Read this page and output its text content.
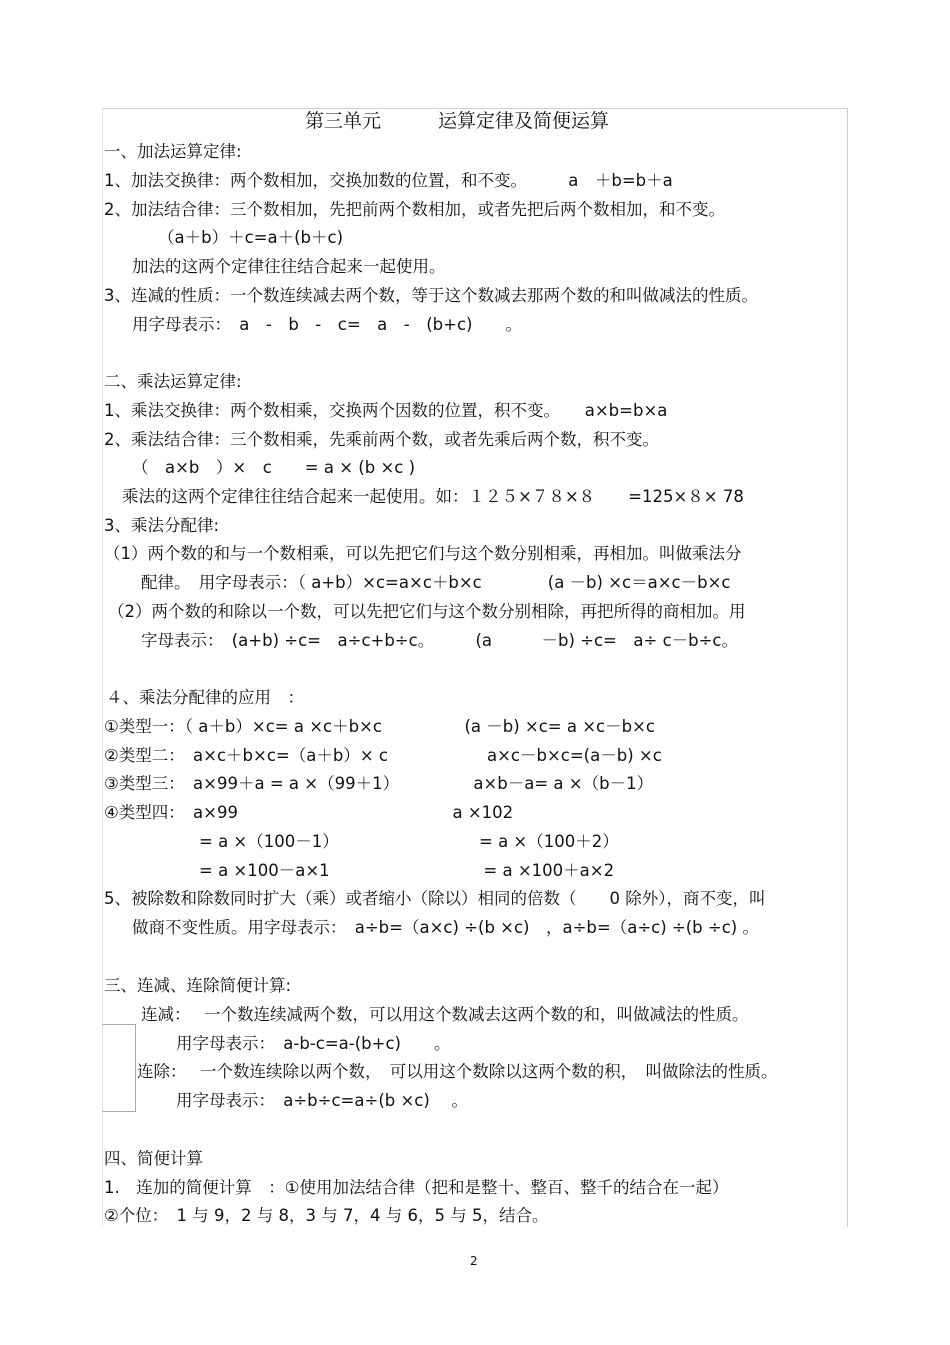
第三单元　　　运算定律及简便运算
一、加法运算定律:
1、加法交换律：两个数相加，交换加数的位置，和不变。　　　a　＋b=b＋a
2、加法结合律：三个数相加，先把前两个数相加，或者先把后两个数相加，和不变。
（a＋b）＋c=a＋(b＋c)
加法的这两个定律往往结合起来一起使用。
3、连减的性质：一个数连续减去两个数，等于这个数减去那两个数的和叫做减法的性质。
用字母表示：　a　-　b　-　c=　a　-　(b+c)　　。
二、乘法运算定律:
1、乘法交换律：两个数相乘，交换两个因数的位置，积不变。　　a×b=b×a
2、乘法结合律：三个数相乘，先乘前两个数，或者先乘后两个数，积不变。
（　a×b　）×　c　　= a × (b ×c )
乘法的这两个定律往往结合起来一起使用。如：１２５×７８×８　　=125×８× 78
3、乘法分配律:
（1）两个数的和与一个数相乘，可以先把它们与这个数分别相乘，再相加。叫做乘法分
配律。　用字母表示：（ a+b）×c=a×c＋b×c　　　　(a －b) ×c＝a×c－b×c
（2）两个数的和除以一个数，可以先把它们与这个数分别相除，再把所得的商相加。用
字母表示：　(a+b) ÷c=　a÷c+b÷c。　　　(a　　　－b) ÷c=　a÷ c－b÷c。
４、乘法分配律的应用　：
①类型一：（ a＋b）×c= a ×c＋b×c　　　　　(a －b) ×c= a ×c－b×c
②类型二：　a×c＋b×c=（a＋b）× c　　　　　　a×c－b×c=(a－b) ×c
③类型三：　a×99＋a = a ×（99＋1）　　　　　a×b－a= a ×（b－1）
④类型四：　a×99　　　　　　　　　　　　　a ×102
= a ×（100－1）　　　　　　　　　= a ×（100＋2）
= a ×100－a×1　　　　　　　　　 = a ×100＋a×2
5、被除数和除数同时扩大（乘）或者缩小（除以）相同的倍数（　　0 除外），商不变，叫
做商不变性质。用字母表示：　a÷b=（a×c) ÷(b ×c)　，a÷b=（a÷c) ÷(b ÷c) 。
三、连减、连除简便计算:
连减：　 一个数连续减两个数，可以用这个数减去这两个数的和，叫做减法的性质。
用字母表示：　a-b-c=a-(b+c)　　。
连除：　 一个数连续除以两个数，　可以用这个数除以这两个数的积，　叫做除法的性质。
用字母表示：　a÷b÷c=a÷(b ×c)　 。
四、简便计算
1.　连加的简便计算　：①使用加法结合律（把和是整十、整百、整千的结合在一起）
②个位：　1 与 9，2 与 8，3 与 7，4 与 6，5 与 5，结合。
2
